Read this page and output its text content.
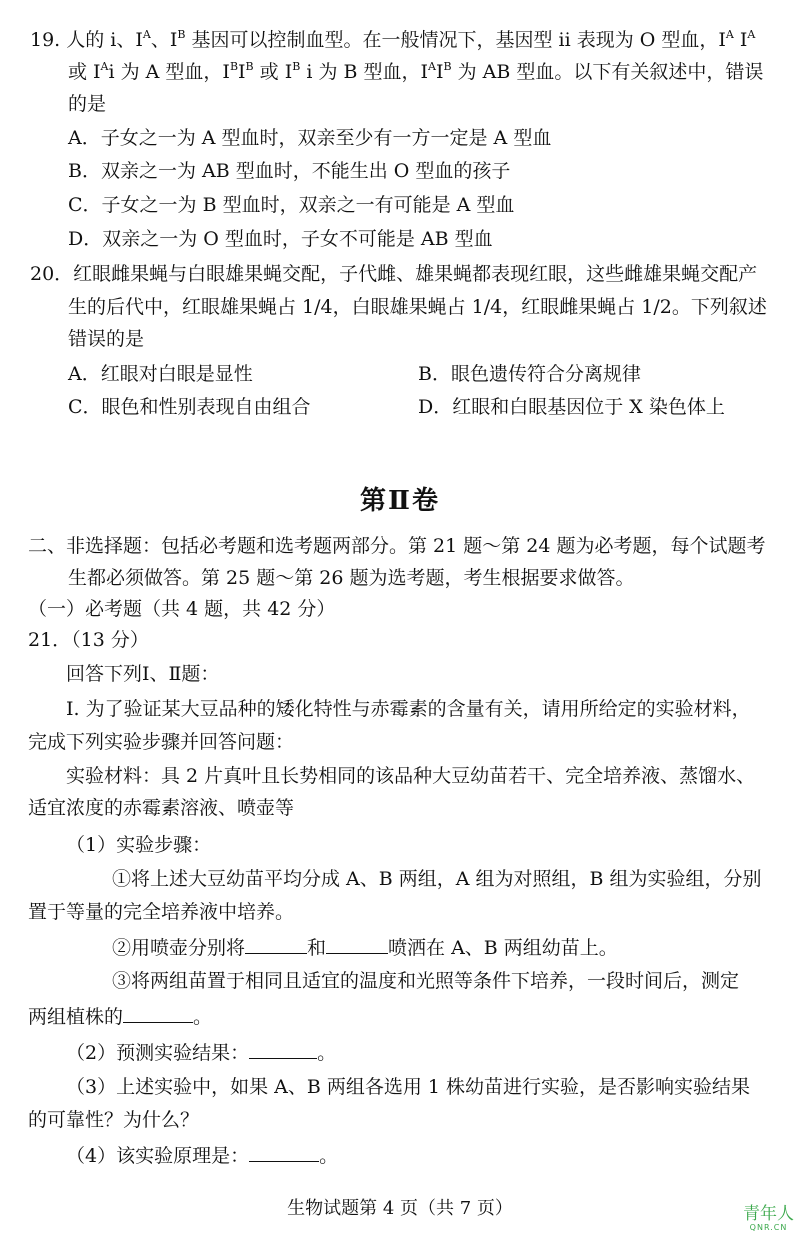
19. 人的 i、$I^A$、$I^B$ 基因可以控制血型。在一般情况下，基因型 ii 表现为 O 型血，$I^A$ $I^A$
或 $I^Ai$ 为 A 型血，$I^BI^B$ 或 $I^B$ i 为 B 型血，$I^AI^B$ 为 AB 型血。以下有关叙述中，错误
的是
A．子女之一为 A 型血时，双亲至少有一方一定是 A 型血
B．双亲之一为 AB 型血时，不能生出 O 型血的孩子
C．子女之一为 B 型血时，双亲之一有可能是 A 型血
D．双亲之一为 O 型血时，子女不可能是 AB 型血
20．红眼雌果蝇与白眼雄果蝇交配，子代雌、雄果蝇都表现红眼，这些雌雄果蝇交配产
生的后代中，红眼雄果蝇占 1/4，白眼雄果蝇占 1/4，红眼雌果蝇占 1/2。下列叙述
错误的是
A．红眼对白眼是显性	B．眼色遗传符合分离规律
C．眼色和性别表现自由组合	D．红眼和白眼基因位于 X 染色体上
第Ⅱ卷
二、非选择题：包括必考题和选考题两部分。第 21 题～第 24 题为必考题，每个试题考
生都必须做答。第 25 题～第 26 题为选考题，考生根据要求做答。
（一）必考题（共 4 题，共 42 分）
21．（13 分）
回答下列Ⅰ、Ⅱ题：
Ⅰ. 为了验证某大豆品种的矮化特性与赤霉素的含量有关，请用所给定的实验材料，
完成下列实验步骤并回答问题：
实验材料：具 2 片真叶且长势相同的该品种大豆幼苗若干、完全培养液、蒸馏水、
适宜浓度的赤霉素溶液、喷壶等
（1）实验步骤：
①将上述大豆幼苗平均分成 A、B 两组，A 组为对照组，B 组为实验组，分别
置于等量的完全培养液中培养。
②用喷壶分别将	和	喷洒在 A、B 两组幼苗上。
③将两组苗置于相同且适宜的温度和光照等条件下培养，一段时间后，测定
两组植株的	。
（2）预测实验结果：	。
（3）上述实验中，如果 A、B 两组各选用 1 株幼苗进行实验，是否影响实验结果
的可靠性？为什么？
（4）该实验原理是：	。
生物试题第 4 页（共 7 页）	青年人
QNR.CN
